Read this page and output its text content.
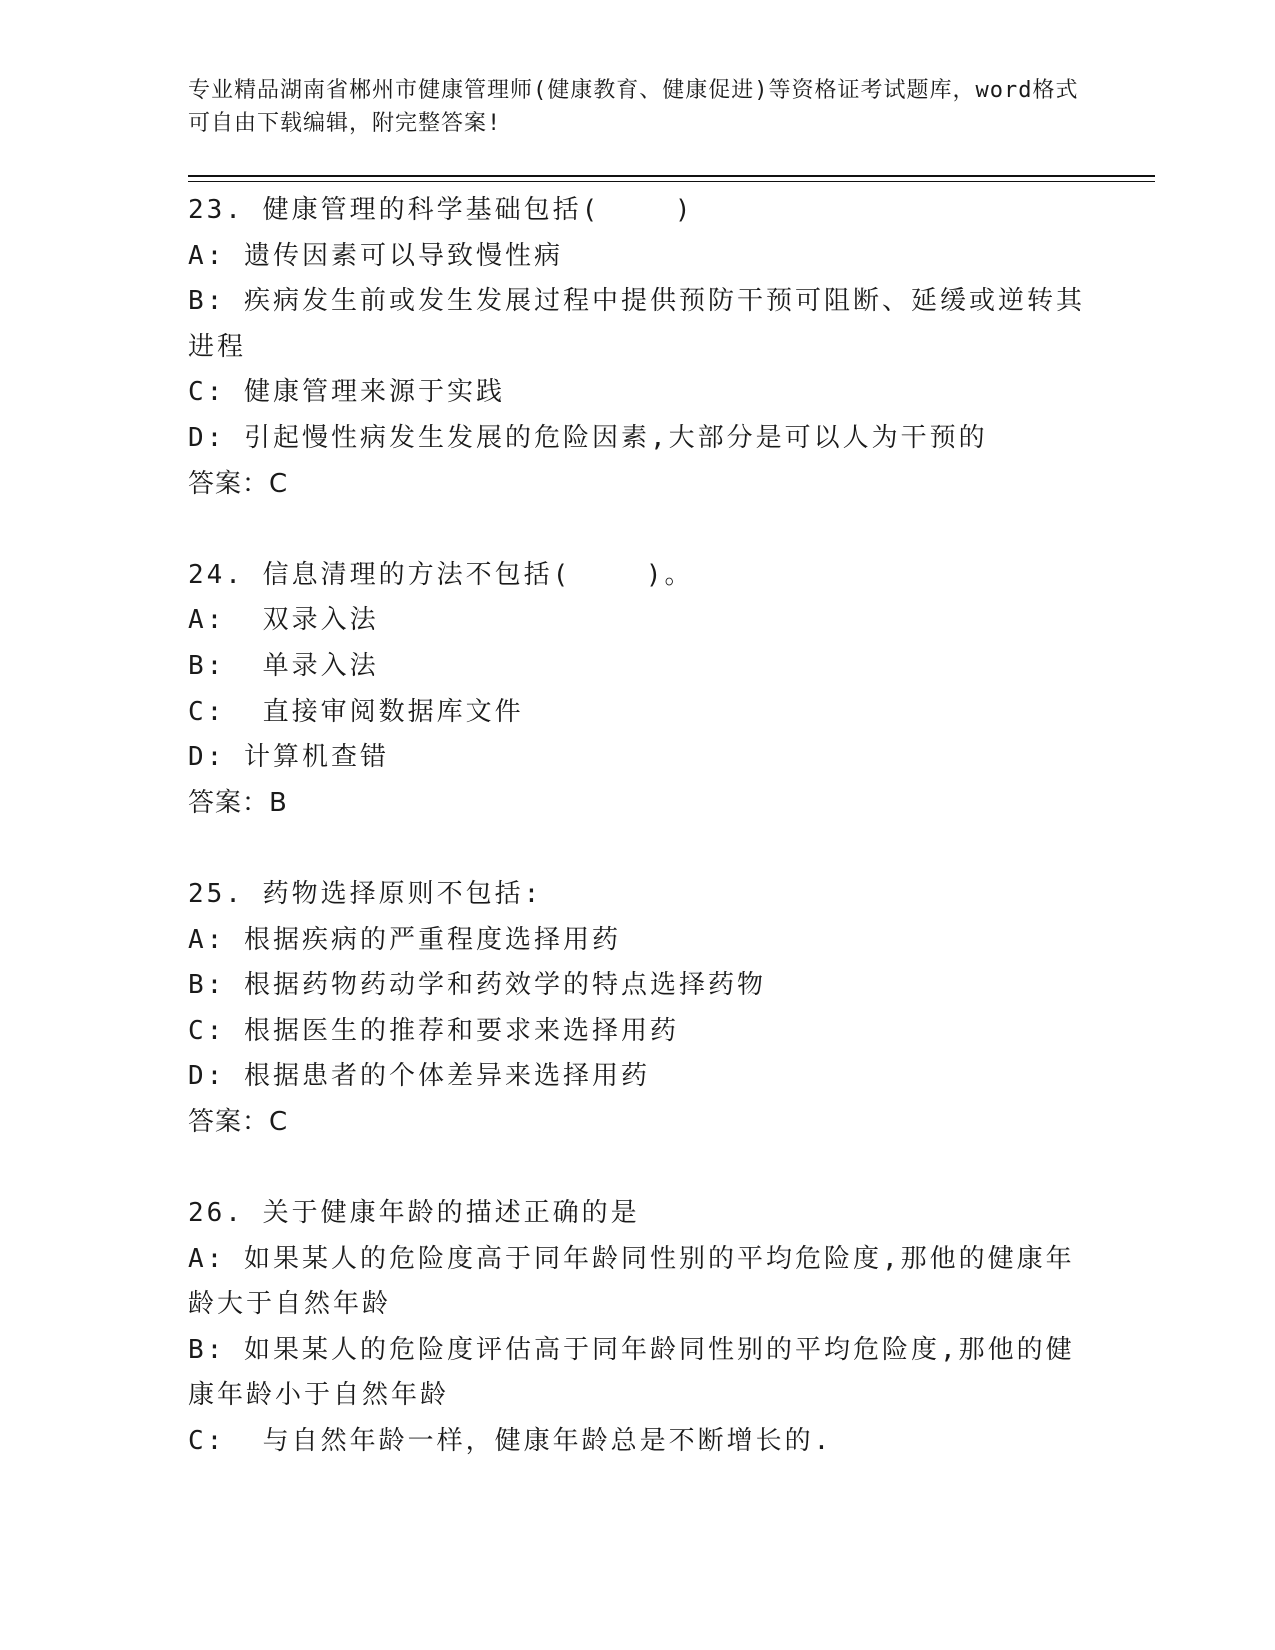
专业精品湖南省郴州市健康管理师(健康教育、健康促进)等资格证考试题库，word格式可自由下载编辑，附完整答案!
23. 健康管理的科学基础包括(    )
A: 遗传因素可以导致慢性病
B: 疾病发生前或发生发展过程中提供预防干预可阻断、延缓或逆转其进程
C: 健康管理来源于实践
D: 引起慢性病发生发展的危险因素,大部分是可以人为干预的
答案：C
24. 信息清理的方法不包括(    )。
A:  双录入法
B:  单录入法
C:  直接审阅数据库文件
D: 计算机查错
答案：B
25. 药物选择原则不包括:
A: 根据疾病的严重程度选择用药
B: 根据药物药动学和药效学的特点选择药物
C: 根据医生的推荐和要求来选择用药
D: 根据患者的个体差异来选择用药
答案：C
26. 关于健康年龄的描述正确的是
A: 如果某人的危险度高于同年龄同性别的平均危险度,那他的健康年龄大于自然年龄
B: 如果某人的危险度评估高于同年龄同性别的平均危险度,那他的健康年龄小于自然年龄
C:  与自然年龄一样，健康年龄总是不断增长的.
